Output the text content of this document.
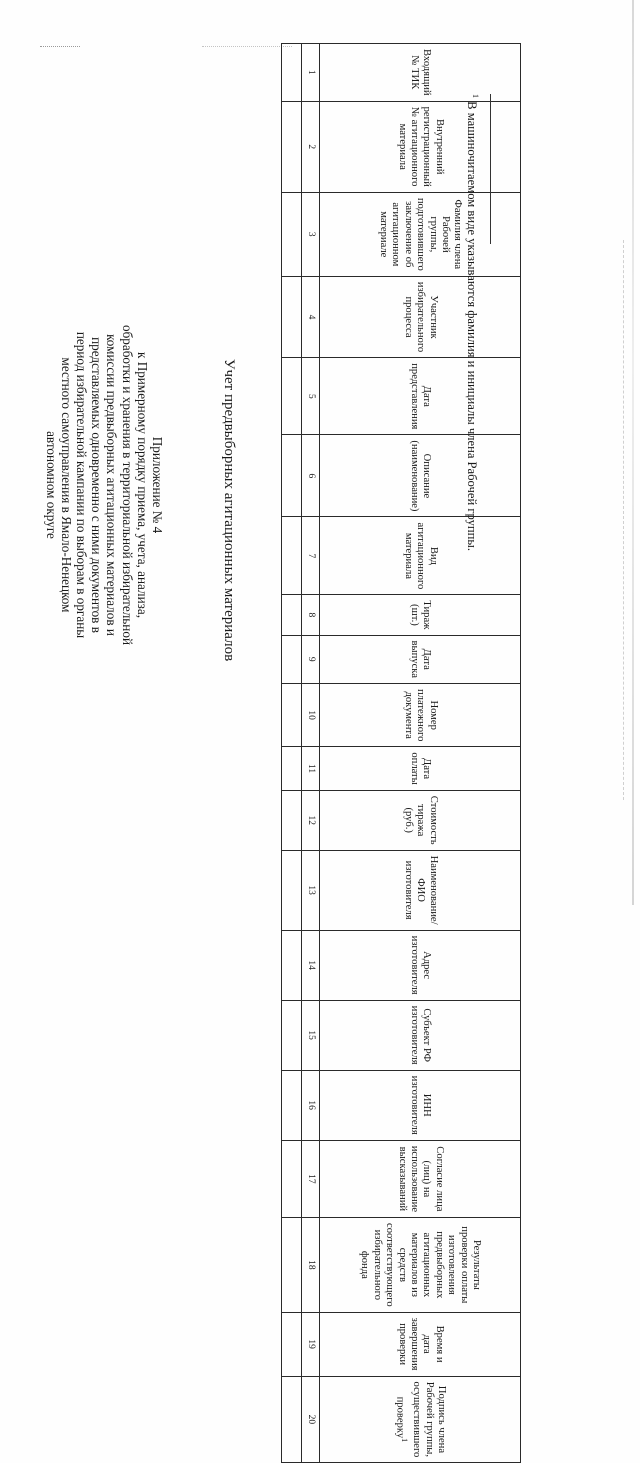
Приложение № 4
к Примерному порядку приема, учета, анализа,
обработки и хранения в территориальной избирательной
комиссии предвыборных агитационных материалов и
представляемых одновременно с ними документов в
период избирательной кампании по выборам в органы
местного самоуправления в Ямало-Ненецком
автономном округе	Учет предвыборных агитационных материалов
Входящий № ТИК	Внутренний регистрационный № агитационного материала	Фамилия члена Рабочей группы, подготовившего заключение об агитационном материале	Участник избирательного процесса	Дата представления	Описание (наименование)	Вид агитационного материала	Тираж (шт.)	Дата выпуска	Номер платежного документа	Дата оплаты	Стоимость тиража (руб.)	Наименование/ФИО изготовителя	Адрес изготовителя	Субъект РФ изготовителя	ИНН изготовителя	Согласие лица (лиц) на использование высказываний	Результаты проверки оплаты изготовления предвыборных агитационных материалов из средств соответствующего избирательного фонда	Время и дата завершения проверки	Подпись члена Рабочей группы, осуществившего проверку$^1$
1	2	3	4	5	6	7	8	9	10	11	12	13	14	15	16	17	18	19	20

$^1$ В машиночитаемом виде указываются фамилия и инициалы члена Рабочей группы.
